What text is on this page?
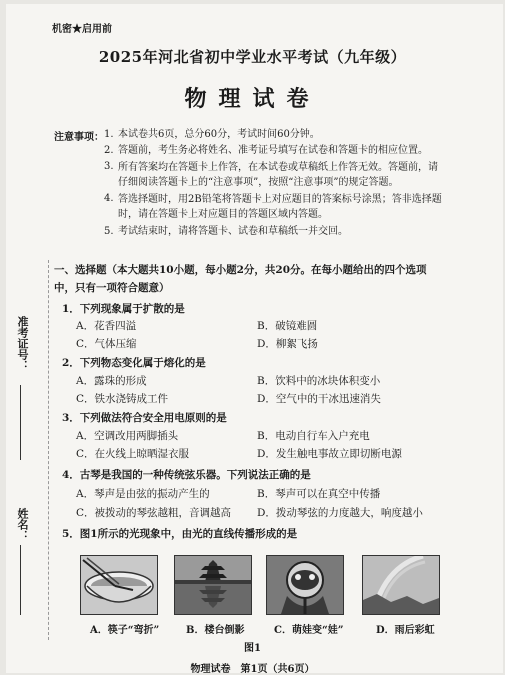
机密★启用前
2025年河北省初中学业水平考试（九年级）
物理试卷
注意事项： 1. 本试卷共6页，总分60分，考试时间60分钟。
2. 答题前，考生务必将姓名、准考证号填写在试卷和答题卡的相应位置。
3. 所有答案均在答题卡上作答，在本试卷或草稿纸上作答无效。答题前，请仔细阅读答题卡上的“注意事项”，按照“注意事项”的规定答题。
4. 答选择题时，用2B铅笔将答题卡上对应题目的答案标号涂黑；答非选择题时，请在答题卡上对应题目的答题区域内答题。
5. 考试结束时，请将答题卡、试卷和草稿纸一并交回。
准考证号：
姓名：
一、选择题（本大题共10小题，每小题2分，共20分。在每小题给出的四个选项中，只有一项符合题意）
1．下列现象属于扩散的是
A．花香四溢	B．破镜难圆
C．气体压缩	D．柳絮飞扬
2．下列物态变化属于熔化的是
A．露珠的形成	B．饮料中的冰块体积变小
C．铁水浇铸成工件	D．空气中的干冰迅速消失
3．下列做法符合安全用电原则的是
A．空调改用两脚插头	B．电动自行车入户充电
C．在火线上晾晒湿衣服	D．发生触电事故立即切断电源
4．古琴是我国的一种传统弦乐器。下列说法正确的是
A．琴声是由弦的振动产生的	B．琴声可以在真空中传播
C．被拨动的琴弦越粗，音调越高 D．拨动琴弦的力度越大，响度越小
5．图1所示的光现象中，由光的直线传播形成的是
A．筷子“弯折”	B．楼台倒影	C．萌娃变“娃”	D．雨后彩虹
图1
物理试卷　第1页（共6页）
